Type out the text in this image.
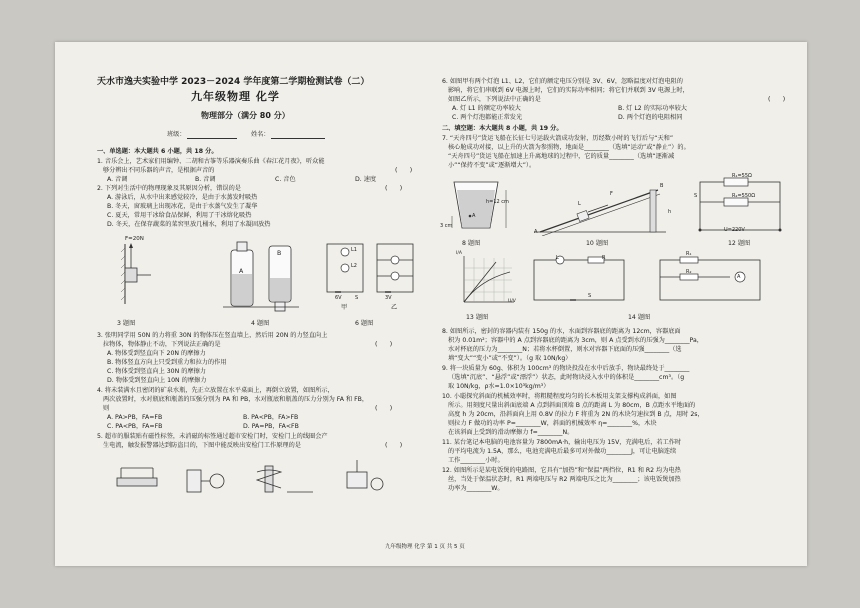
天水市逸夫实验中学 2023－2024 学年度第二学期检测试卷（二）
九年级物理 化学
物理部分（满分 80 分）
班级：	姓名：
一、单选题：本大题共 6 小题，共 18 分。
1. 音乐会上，艺术家们用编钟、二胡和古筝等乐器演奏乐曲《春江花月夜》，听众能
够分辨出不同乐器的声音，是根据声音的	(　　)
A. 音调	B. 音调	C. 音色	D. 速度
2. 下列对生活中的物理现象及其原因分析，错误的是	(　　)
A. 游泳后，从水中出来感觉较冷，是由于水蒸发时吸热
B. 冬天，窗玻璃上出现冰花，是由于水蒸气发生了凝华
C. 夏天，常用干冰给食品保鲜，利用了干冰熔化吸热
D. 冬天，在保存蔬菜的菜窖里放几桶水，利用了水凝固放热
F=20N
3 题图
A
B
4 题图
L1
L2
6V	S	3V
甲	乙
6 题图
3. 张明同学用 50N 的力将重 30N 的物体压在竖直墙上，然后用 20N 的力竖直向上
拉物体，物体静止不动，下列说法正确的是	(　　)
A. 物体受到竖直向下 20N 的摩擦力
B. 物体竖直方向上只受到重力和拉力的作用
C. 物体受到竖直向上 30N 的摩擦力
D. 物体受到竖直向上 10N 的摩擦力
4. 将未装满水且密闭的矿泉水瓶，先正立放置在水平桌面上，再倒立放置，如图所示，
两次放置时，水对瓶底和瓶盖的压强分别为 PA 和 PB，水对瓶底和瓶盖的压力分别为 FA 和 FB，
则	(　　)
A. PA>PB，FA=FB	B. PA<PB，FA>FB
C. PA<PB，FA=FB	D. PA=PB，FA<FB
5. 超市的服装贴有磁性标签，未消磁的标签通过超市安检门时，安检门上的线圈会产
生电流，触发报警器达到防盗目的，下图中能反映出安检门工作原理的是	(　　)
6. 如图甲有两个灯泡 L1、L2，它们的额定电压分别是 3V、6V，忽略温度对灯泡电阻的
影响，将它们串联到 6V 电源上时，它们的实际功率相同；将它们并联到 3V 电源上时，
如图乙所示，下列说法中正确的是	(　　)
A. 灯 L1 的额定功率较大	B. 灯 L2 的实际功率较大
C. 两个灯泡都能正常发光	D. 两个灯泡的电阻相同
二、填空题：本大题共 8 小题，共 19 分。
7. “天舟四号”货运飞船在长征七号运载火箭成功发射，历经数小时的飞行后与“天和”
核心舱成功对接，以上升的火箭为参照物，地面是________（选填“运动”或“静止”）的。
“天舟四号”货运飞船在加速上升离地球的过程中，它的质量________（选填“逐渐减
小”“保持不变”或“逐渐增大”）。
h=12 cm
3 cm
A
8 题图
F
B
A
L
h
10 题图
R₁=55Ω
R₂=550Ω
S
U=220V
12 题图
I/A
U/V
13 题图
L	R
R₁
R₂
S
A
14 题图
8. 如图所示，密封的容器内装有 150g 的水，水面到容器底的距离为 12cm，容器底面
积为 0.01m²；容器中的 A 点到容器底的距离为 3cm，则 A 点受到水的压强为________Pa，
水对杯底的压力为________N；若将水杯倒置，则水对容器下底面的压强________（选
填“变大”“变小”或“不变”）。（g 取 10N/kg）
9. 将一块质量为 60g、体积为 100cm³ 的物块投没在水中后放手，物块最终处于________
（选填“沉底”、“悬浮”或“漂浮”）状态，此时物块浸入水中的体积是________cm³。（g
取 10N/kg，ρ水=1.0×10³kg/m³）
10. 小聪探究斜面的机械效率时，将粗糙程度均匀的长木板用支架支撑构成斜面，如图
所示。用刻度尺量出斜面底端 A 点到斜面顶端 B 点的距离 L 为 80cm，B 点距水平地面的
高度 h 为 20cm，沿斜面向上用 0.8V 的拉力 F 将重为 2N 的木块匀速拉到 B 点，用时 2s，
则拉力 F 做功的功率 P=________W，斜面的机械效率 η=________%，木块
在该斜面上受到的滑动摩擦力 f=________N。
11. 某台笔记本电脑的电池容量为 7800mA·h，输出电压为 15V，充满电后，若工作时
的平均电流为 1.5A，那么，电池充满电后最多可对外做功________J，可让电脑连续
工作________小时。
12. 如图所示是某电饭煲的电路图，它具有“加热”和“保温”两挡位，R1 和 R2 均为电热
丝，当处于保温状态时，R1 两端电压与 R2 两端电压之比为________；该电饭煲加热
功率为________W。
九年级物理 化学 第 1 页 共 5 页
